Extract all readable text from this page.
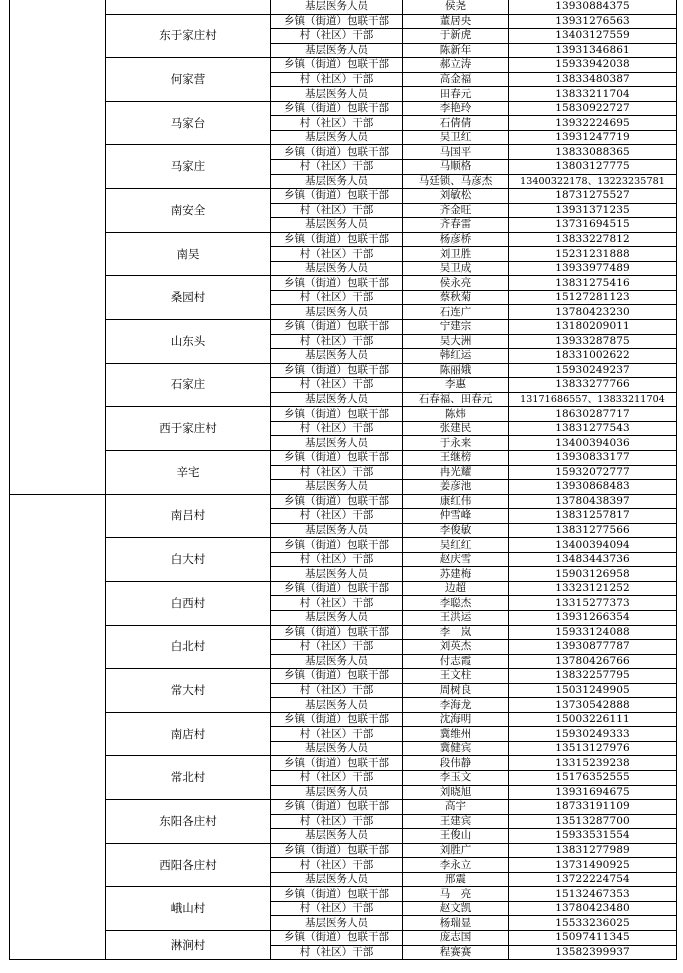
		基层医务人员	侯尧	13930884375
	东于家庄村	乡镇（街道）包联干部	董居央	13931276563
		村（社区）干部	于新虎	13403127559
		基层医务人员	陈新年	13931346861
	何家营	乡镇（街道）包联干部	郝立涛	15933942038
		村（社区）干部	高金福	13833480387
		基层医务人员	田春元	13833211704
	马家台	乡镇（街道）包联干部	李艳玲	15830922727
		村（社区）干部	石倩倩	13932224695
		基层医务人员	吴卫红	13931247719
	马家庄	乡镇（街道）包联干部	马国平	13833088365
		村（社区）干部	马顺格	13803127775
		基层医务人员	马廷锁、马彦杰	13400322178、13223235781
	南安全	乡镇（街道）包联干部	刘敏松	18731275527
		村（社区）干部	齐金旺	13931371235
		基层医务人员	齐春雷	13731694515
	南吴	乡镇（街道）包联干部	杨彦桥	13833227812
		村（社区）干部	刘卫胜	15231231888
		基层医务人员	吴卫成	13933977489
	桑园村	乡镇（街道）包联干部	侯永亮	13831275416
		村（社区）干部	蔡秋菊	15127281123
		基层医务人员	石连广	13780423230
	山东头	乡镇（街道）包联干部	宁建宗	13180209011
		村（社区）干部	吴大洲	13933287875
		基层医务人员	韩红运	18331002622
	石家庄	乡镇（街道）包联干部	陈丽娥	15930249237
		村（社区）干部	李惠	13833277766
		基层医务人员	石春福、田春元	13171686557、13833211704
	西于家庄村	乡镇（街道）包联干部	陈炜	18630287717
		村（社区）干部	张建民	13831277543
		基层医务人员	于永来	13400394036
	辛宅	乡镇（街道）包联干部	王继榜	13930833177
		村（社区）干部	冉光耀	15932072777
		基层医务人员	姜彦池	13930868483
	南吕村	乡镇（街道）包联干部	康红伟	13780438397
		村（社区）干部	仲雪峰	13831257817
		基层医务人员	李俊敏	13831277566
	白大村	乡镇（街道）包联干部	吴红红	13400394094
		村（社区）干部	赵庆雪	13483443736
		基层医务人员	苏建梅	15903126958
	白西村	乡镇（街道）包联干部	边超	13323121252
		村（社区）干部	李聪杰	13315277373
		基层医务人员	王洪运	13931266354
	白北村	乡镇（街道）包联干部	李　岚	15933124088
		村（社区）干部	刘英杰	13930877787
		基层医务人员	付志霞	13780426766
	常大村	乡镇（街道）包联干部	王文柱	13832257795
		村（社区）干部	周树良	15031249905
		基层医务人员	李海龙	13730542888
	南店村	乡镇（街道）包联干部	沈海明	15003226111
		村（社区）干部	冀维州	15930249333
		基层医务人员	冀健宾	13513127976
	常北村	乡镇（街道）包联干部	段伟静	13315239238
		村（社区）干部	李玉文	15176352555
		基层医务人员	刘晓旭	13931694675
	东阳各庄村	乡镇（街道）包联干部	高宇	18733191109
		村（社区）干部	王建宾	13513287700
		基层医务人员	王俊山	15933531554
	西阳各庄村	乡镇（街道）包联干部	刘胜广	13831277989
		村（社区）干部	李永立	13731490925
		基层医务人员	邢震	13722224754
	峨山村	乡镇（街道）包联干部	马　亮	15132467353
		村（社区）干部	赵文凯	13780423480
		基层医务人员	杨瑞显	15533236025
	淋涧村	乡镇（街道）包联干部	庞志国	15097411345
		村（社区）干部	程赛赛	13582399937
